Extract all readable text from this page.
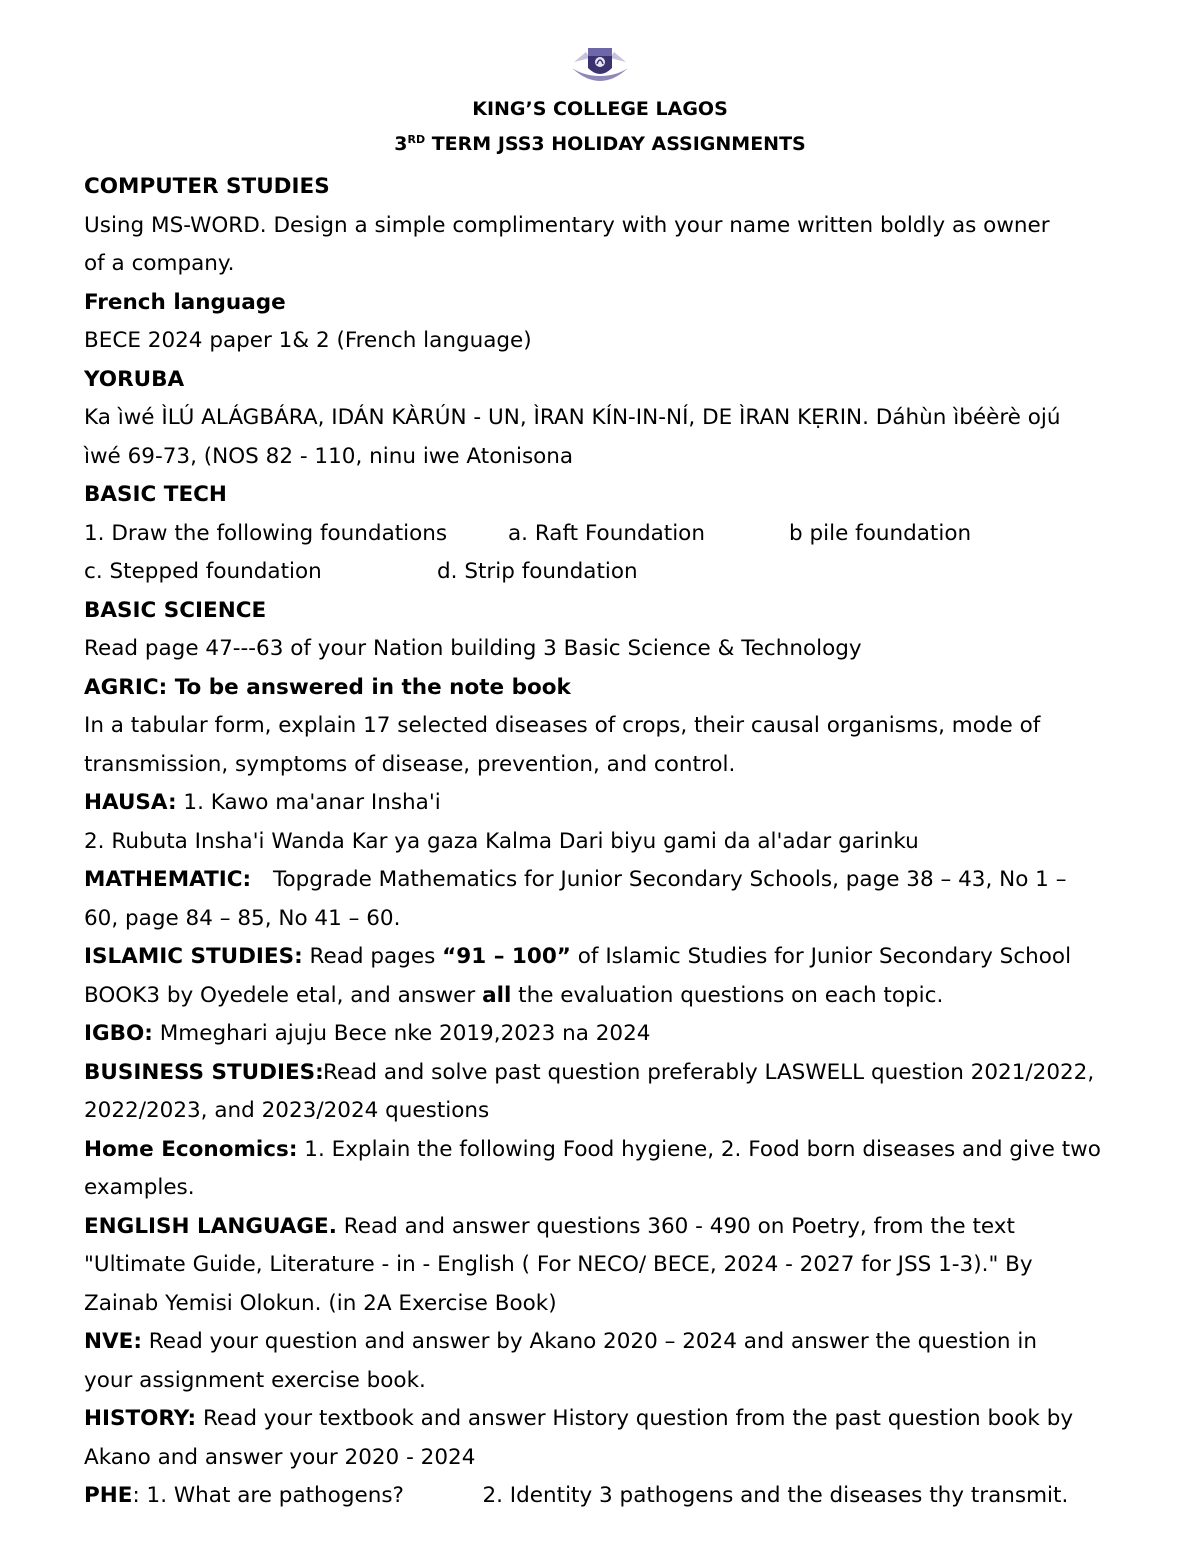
KING’S COLLEGE LAGOS
3RD TERM JSS3 HOLIDAY ASSIGNMENTS
COMPUTER STUDIES
Using MS-WORD. Design a simple complimentary with your name written boldly as owner
of a company.
French language
BECE 2024 paper 1& 2 (French language)
YORUBA
Ka ìwé ÌLÚ ALÁGBÁRA, IDÁN KÀRÚN - UN, ÌRAN KÍN-IN-NÍ, DE ÌRAN KẸRIN. Dáhùn ìbéèrè ojú
ìwé 69-73, (NOS 82 - 110, ninu iwe Atonisona
BASIC TECH
1. Draw the following foundations	a. Raft Foundation	b pile foundation
c. Stepped foundation	d. Strip foundation
BASIC SCIENCE
Read page 47---63 of your Nation building 3 Basic Science & Technology
AGRIC: To be answered in the note book
In a tabular form, explain 17 selected diseases of crops, their causal organisms, mode of
transmission, symptoms of disease, prevention, and control.
HAUSA: 1. Kawo ma'anar Insha'i
2. Rubuta Insha'i Wanda Kar ya gaza Kalma Dari biyu gami da al'adar garinku
MATHEMATIC: Topgrade Mathematics for Junior Secondary Schools, page 38 – 43, No 1 –
60, page 84 – 85, No 41 – 60.
ISLAMIC STUDIES: Read pages “91 – 100” of Islamic Studies for Junior Secondary School
BOOK3 by Oyedele etal, and answer all the evaluation questions on each topic.
IGBO: Mmeghari ajuju Bece nke 2019,2023 na 2024
BUSINESS STUDIES:Read and solve past question preferably LASWELL question 2021/2022,
2022/2023, and 2023/2024 questions
Home Economics: 1. Explain the following Food hygiene, 2. Food born diseases and give two
examples.
ENGLISH LANGUAGE. Read and answer questions 360 - 490 on Poetry, from the text
"Ultimate Guide, Literature - in - English ( For NECO/ BECE, 2024 - 2027 for JSS 1-3)." By
Zainab Yemisi Olokun. (in 2A Exercise Book)
NVE: Read your question and answer by Akano 2020 – 2024 and answer the question in
your assignment exercise book.
HISTORY: Read your textbook and answer History question from the past question book by
Akano and answer your 2020 - 2024
PHE: 1. What are pathogens?	2. Identity 3 pathogens and the diseases thy transmit.
